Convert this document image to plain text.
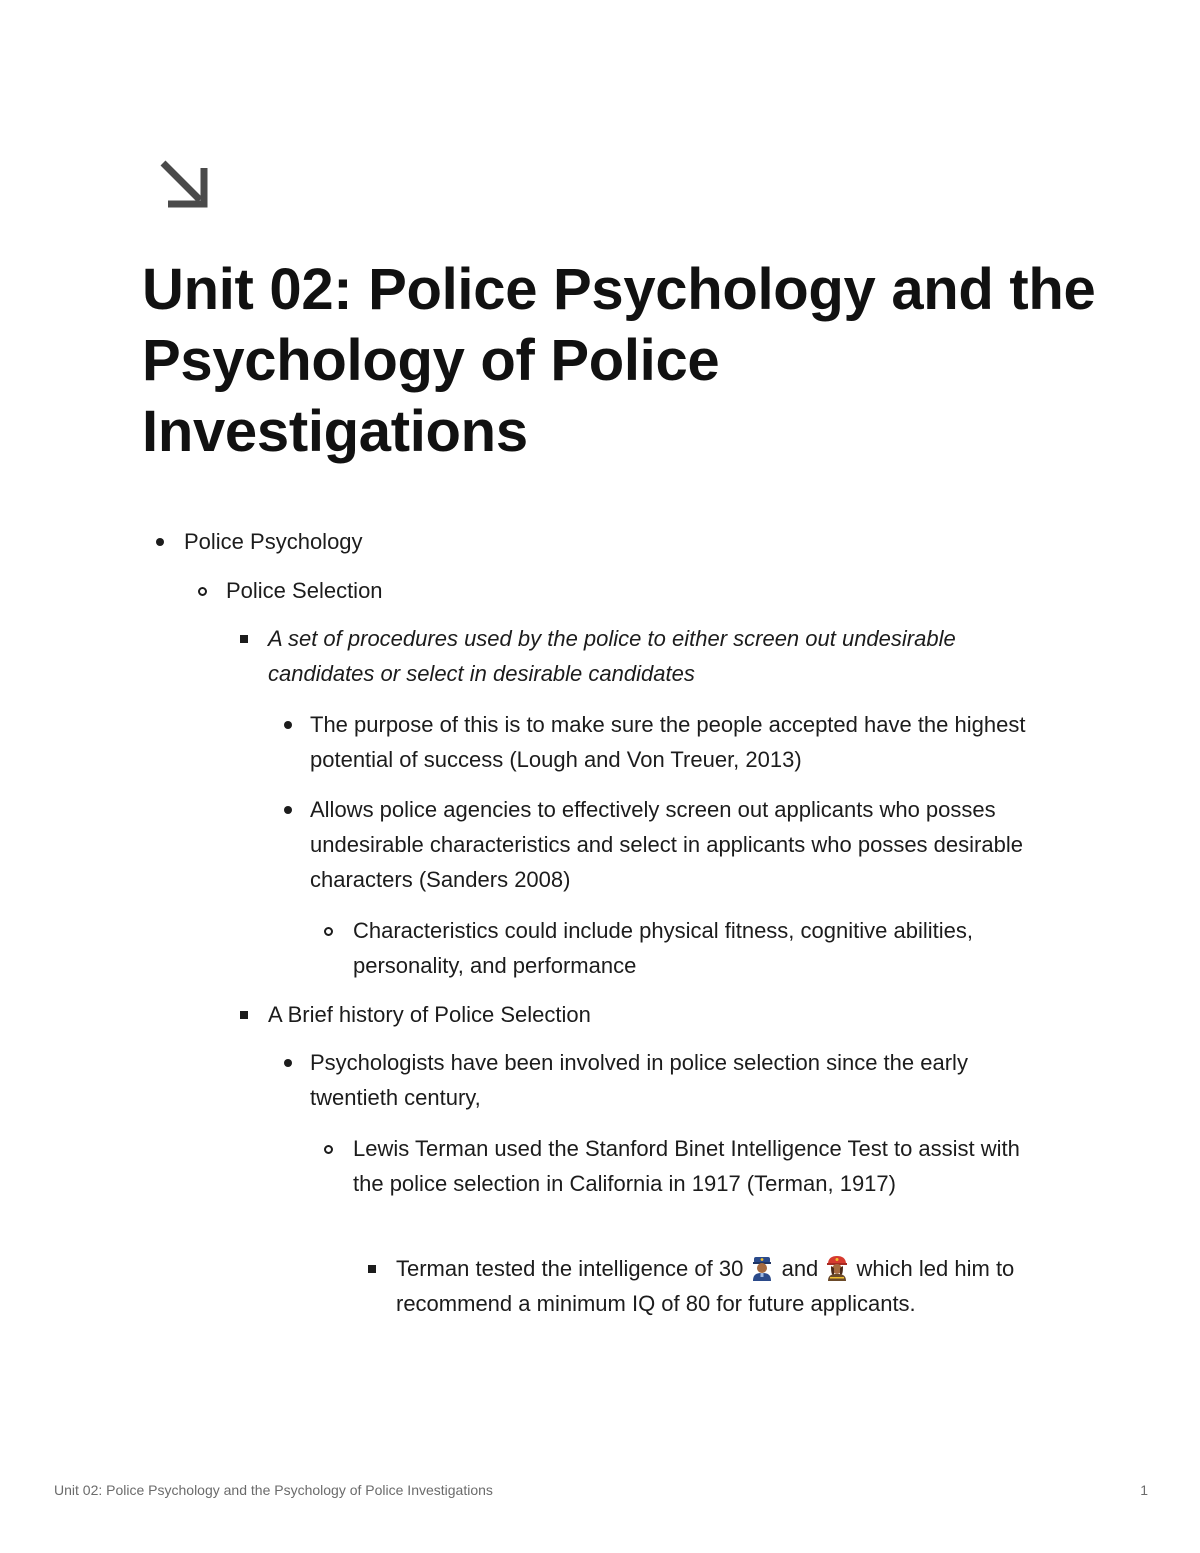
Unit 02: Police Psychology and the Psychology of Police Investigations
Police Psychology
Police Selection
A set of procedures used by the police to either screen out undesirable candidates or select in desirable candidates
The purpose of this is to make sure the people accepted have the highest potential of success (Lough and Von Treuer, 2013)
Allows police agencies to effectively screen out applicants who posses undesirable characteristics and select in applicants who posses desirable characters (Sanders 2008)
Characteristics could include physical fitness, cognitive abilities, personality, and performance
A Brief history of Police Selection
Psychologists have been involved in police selection since the early twentieth century,
Lewis Terman used the Stanford Binet Intelligence Test to assist with the police selection in California in 1917 (Terman, 1917)
Terman tested the intelligence of 30 and which led him to recommend a minimum IQ of 80 for future applicants.
Unit 02: Police Psychology and the Psychology of Police Investigations	1
